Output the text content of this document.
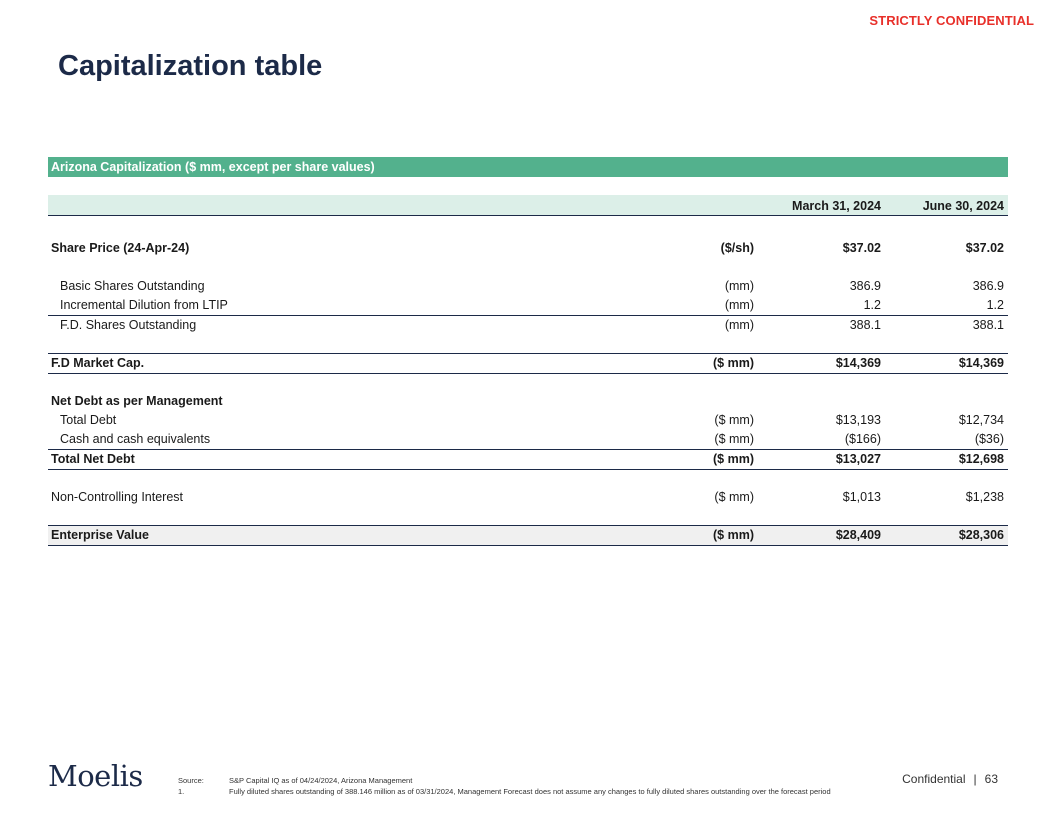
STRICTLY CONFIDENTIAL
Capitalization table
Arizona Capitalization ($ mm, except per share values)
March 31, 2024	June 30, 2024
Share Price (24-Apr-24)	($/sh)	$37.02	$37.02
Basic Shares Outstanding	(mm)	386.9	386.9
Incremental Dilution from LTIP	(mm)	1.2	1.2
F.D. Shares Outstanding	(mm)	388.1	388.1
F.D Market Cap.	($ mm)	$14,369	$14,369
Net Debt as per Management
Total Debt	($ mm)	$13,193	$12,734
Cash and cash equivalents	($ mm)	($166)	($36)
Total Net Debt	($ mm)	$13,027	$12,698
Non-Controlling Interest	($ mm)	$1,013	$1,238
Enterprise Value	($ mm)	$28,409	$28,306
Moelis	Source:	S&P Capital IQ as of 04/24/2024, Arizona Management
1.	Fully diluted shares outstanding of 388.146 million as of 03/31/2024, Management Forecast does not assume any changes to fully diluted shares outstanding over the forecast period
Confidential | 63
